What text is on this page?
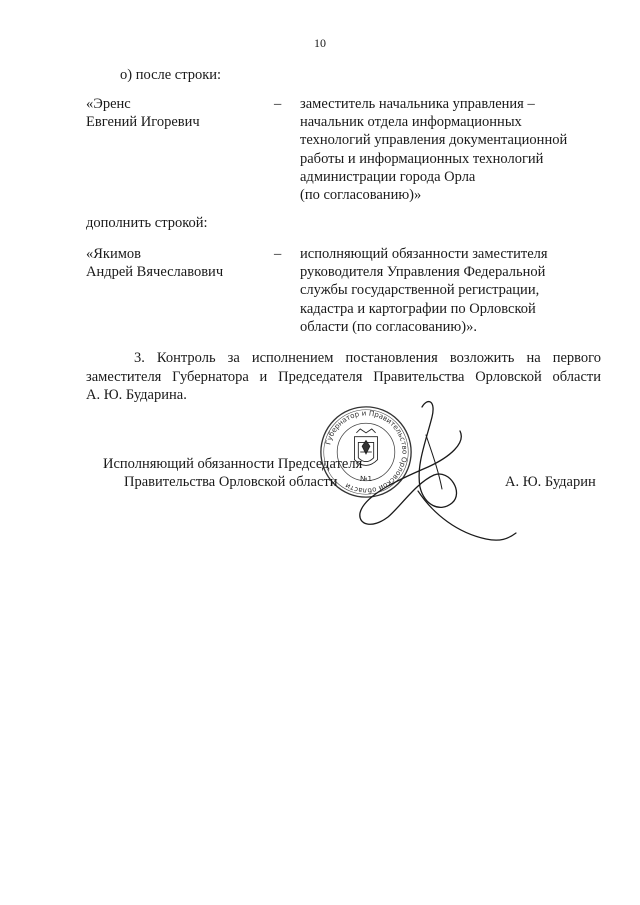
10
о) после строки:
«Эренс
Евгений Игоревич
– заместитель начальника управления –
начальник отдела информационных
технологий управления документационной
работы и информационных технологий
администрации города Орла
(по согласованию)»
дополнить строкой:
«Якимов
Андрей Вячеславович
– исполняющий обязанности заместителя
руководителя Управления Федеральной
службы государственной регистрации,
кадастра и картографии по Орловской
области (по согласованию)».
3. Контроль за исполнением постановления возложить на первого
заместителя Губернатора и Председателя Правительства Орловской области
А. Ю. Бударина.
Губернатор и Правительство Орловской области
№1
Исполняющий обязанности Председателя
Правительства Орловской области	А. Ю. Бударин
